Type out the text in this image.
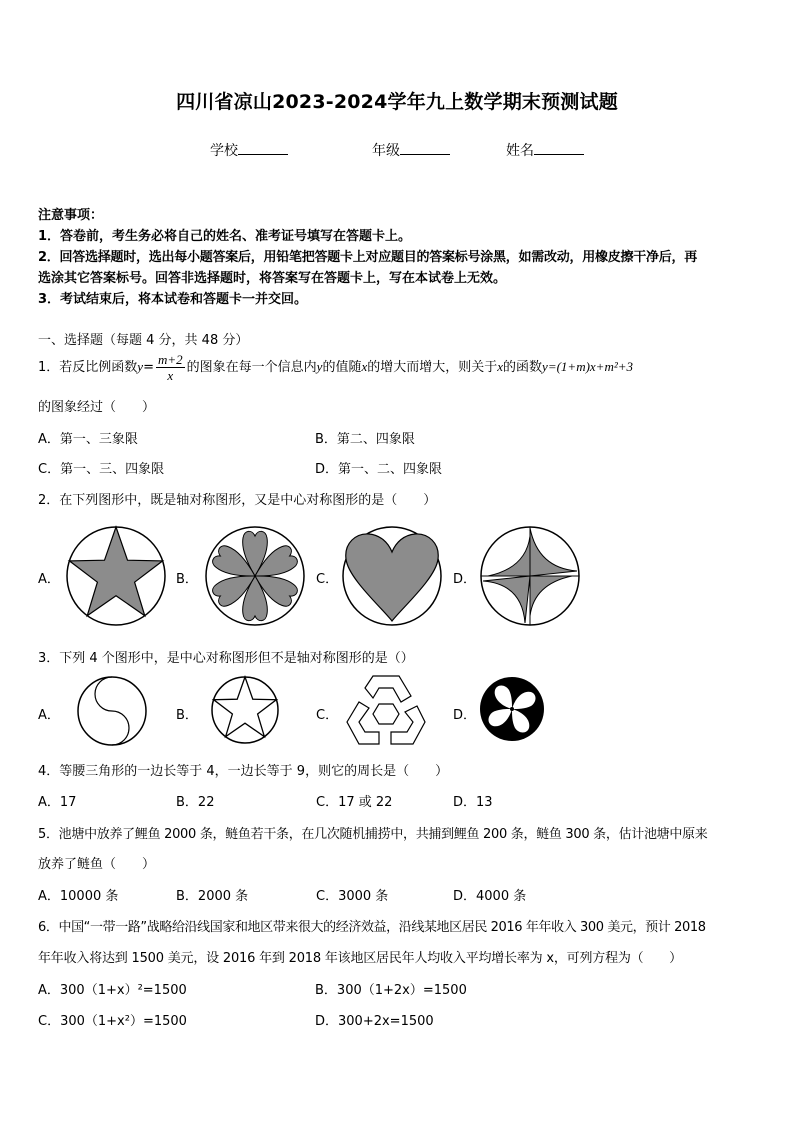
四川省凉山2023-2024学年九上数学期末预测试题
学校	年级	姓名
注意事项：
1．答卷前，考生务必将自己的姓名、准考证号填写在答题卡上。
2．回答选择题时，选出每小题答案后，用铅笔把答题卡上对应题目的答案标号涂黑，如需改动，用橡皮擦干净后，再
选涂其它答案标号。回答非选择题时，将答案写在答题卡上，写在本试卷上无效。
3．考试结束后，将本试卷和答题卡一并交回。
一、选择题（每题 4 分，共 48 分）
1．若反比例函数$y= \frac{m+2}{x}$ 的图象在每一个信息内y的值随x的增大而增大，则关于x的函数y=(1+m)x+m²+3
的图象经过（　　）
A．第一、三象限	B．第二、四象限
C．第一、三、四象限	D．第一、二、四象限
2．在下列图形中，既是轴对称图形，又是中心对称图形的是（　　）
A．	B．	C．	D．
3．下列 4 个图形中，是中心对称图形但不是轴对称图形的是（）
A．	B．	C．	D．
4．等腰三角形的一边长等于 4，一边长等于 9，则它的周长是（　　）
A．17	B．22	C．17 或 22	D．13
5．池塘中放养了鲤鱼 2000 条，鲢鱼若干条，在几次随机捕捞中，共捕到鲤鱼 200 条，鲢鱼 300 条，估计池塘中原来
放养了鲢鱼（　　）
A．10000 条	B．2000 条	C．3000 条	D．4000 条
6．中国“一带一路”战略给沿线国家和地区带来很大的经济效益，沿线某地区居民 2016 年年收入 300 美元，预计 2018
年年收入将达到 1500 美元，设 2016 年到 2018 年该地区居民年人均收入平均增长率为 x，可列方程为（　　）
A．300（1+x）²=1500	B．300（1+2x）=1500
C．300（1+x²）=1500	D．300+2x=1500
